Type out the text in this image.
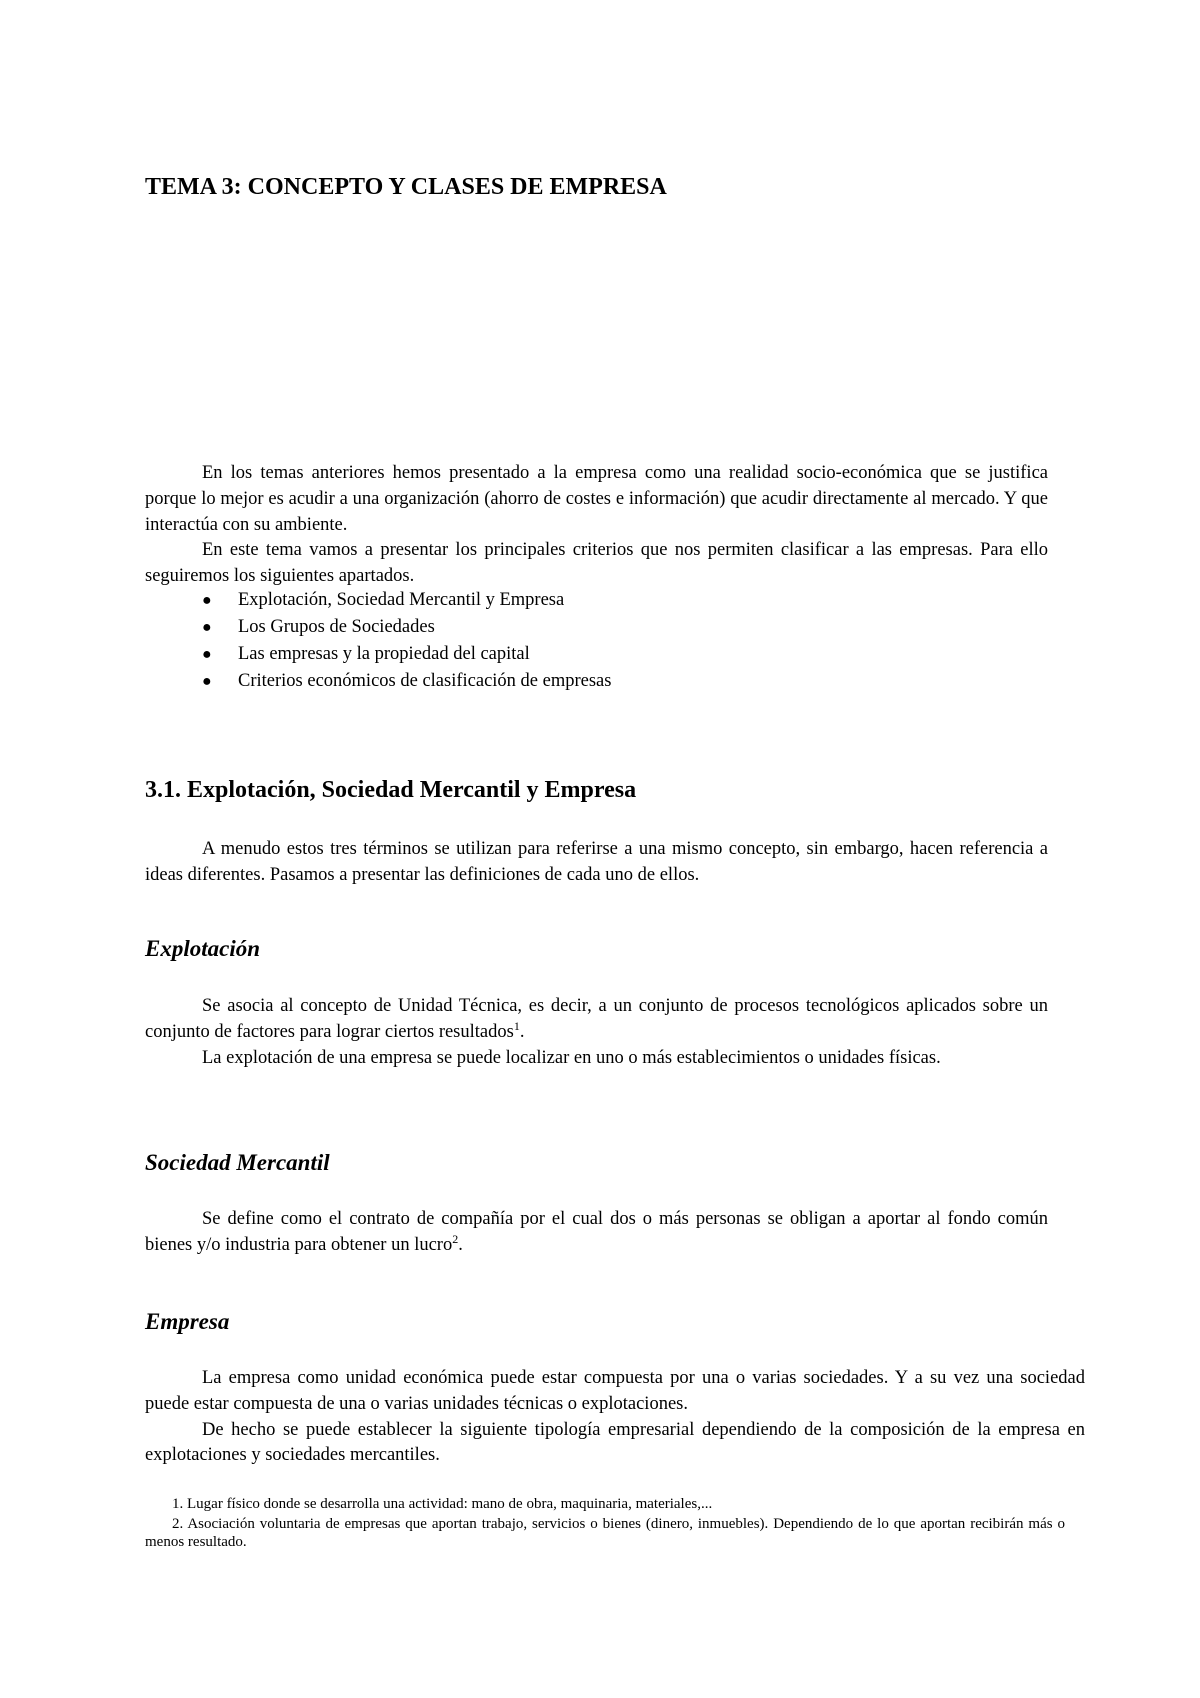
TEMA 3: CONCEPTO Y CLASES DE EMPRESA

En los temas anteriores hemos presentado a la empresa como una realidad socio-económica que se justifica porque lo mejor es acudir a una organización (ahorro de costes e información) que acudir directamente al mercado. Y que interactúa con su ambiente.

En este tema vamos a presentar los principales criterios que nos permiten clasificar a las empresas. Para ello seguiremos los siguientes apartados.

● Explotación, Sociedad Mercantil y Empresa
● Los Grupos de Sociedades
● Las empresas y la propiedad del capital
● Criterios económicos de clasificación de empresas
3.1. Explotación, Sociedad Mercantil y Empresa

A menudo estos tres términos se utilizan para referirse a una mismo concepto, sin embargo, hacen referencia a ideas diferentes. Pasamos a presentar las definiciones de cada uno de ellos.

Explotación

Se asocia al concepto de Unidad Técnica, es decir, a un conjunto de procesos tecnológicos aplicados sobre un conjunto de factores para lograr ciertos resultados$^1$.

La explotación de una empresa se puede localizar en uno o más establecimientos o unidades físicas.

Sociedad Mercantil

Se define como el contrato de compañía por el cual dos o más personas se obligan a aportar al fondo común bienes y/o industria para obtener un lucro$^2$.

Empresa

La empresa como unidad económica puede estar compuesta por una o varias sociedades. Y a su vez una sociedad puede estar compuesta de una o varias unidades técnicas o explotaciones.

De hecho se puede establecer la siguiente tipología empresarial dependiendo de la composición de la empresa en explotaciones y sociedades mercantiles.

1. Lugar físico donde se desarrolla una actividad: mano de obra, maquinaria, materiales,...

2. Asociación voluntaria de empresas que aportan trabajo, servicios o bienes (dinero, inmuebles). Dependiendo de lo que aportan recibirán más o menos resultado.
